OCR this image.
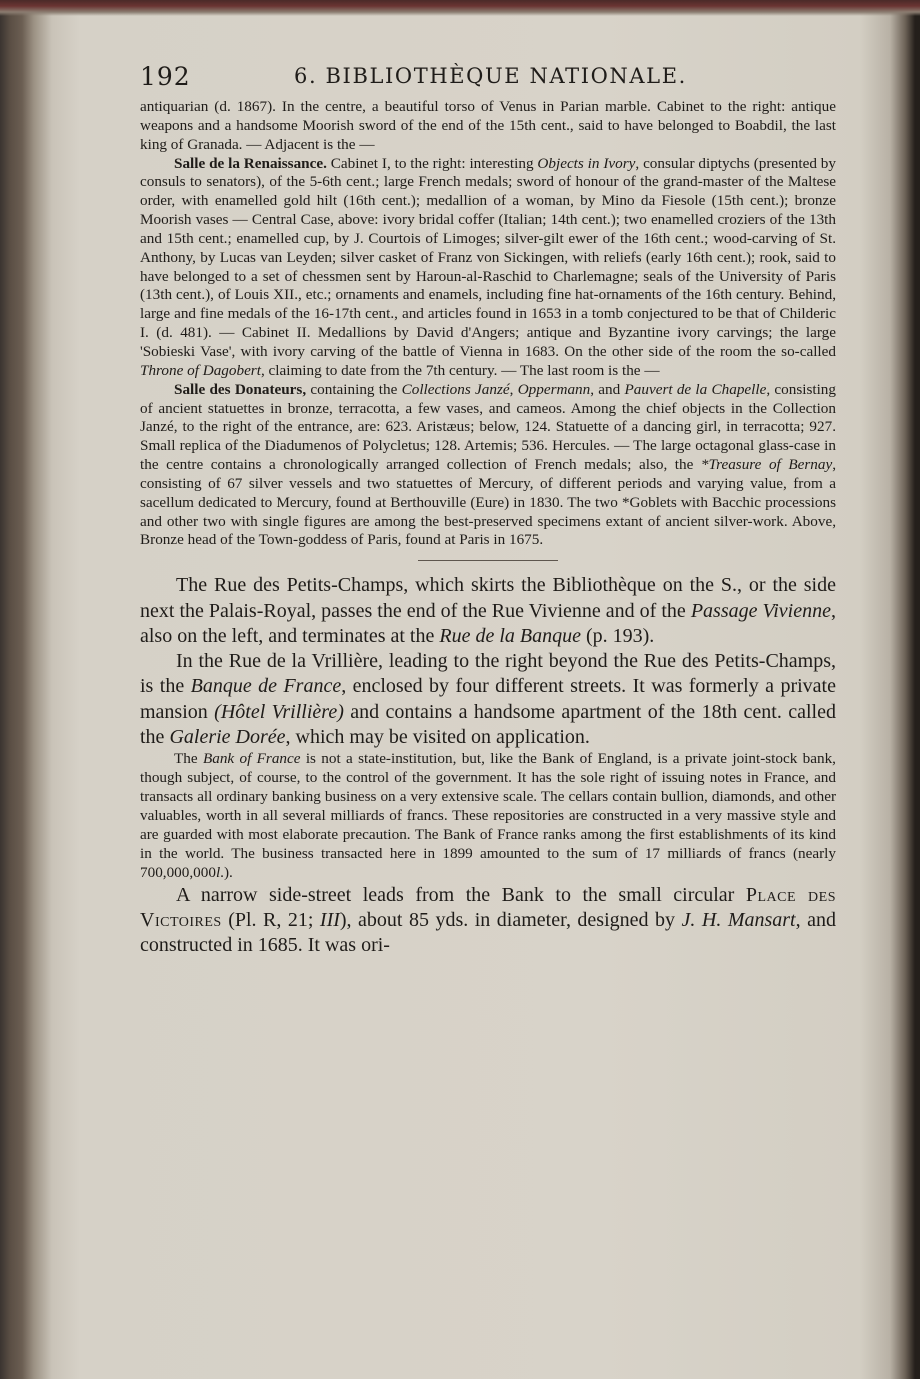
192	6. BIBLIOTHÈQUE NATIONALE.

antiquarian (d. 1867). In the centre, a beautiful torso of Venus in Parian marble. Cabinet to the right: antique weapons and a handsome Moorish sword of the end of the 15th cent., said to have belonged to Boabdil, the last king of Granada. — Adjacent is the —

Salle de la Renaissance. Cabinet I, to the right: interesting Objects in Ivory, consular diptychs (presented by consuls to senators), of the 5-6th cent.; large French medals; sword of honour of the grand-master of the Maltese order, with enamelled gold hilt (16th cent.); medallion of a woman, by Mino da Fiesole (15th cent.); bronze Moorish vases — Central Case, above: ivory bridal coffer (Italian; 14th cent.); two enamelled croziers of the 13th and 15th cent.; enamelled cup, by J. Courtois of Limoges; silver-gilt ewer of the 16th cent.; wood-carving of St. Anthony, by Lucas van Leyden; silver casket of Franz von Sickingen, with reliefs (early 16th cent.); rook, said to have belonged to a set of chessmen sent by Haroun-al-Raschid to Charlemagne; seals of the University of Paris (13th cent.), of Louis XII., etc.; ornaments and enamels, including fine hat-ornaments of the 16th century. Behind, large and fine medals of the 16-17th cent., and articles found in 1653 in a tomb conjectured to be that of Childeric I. (d. 481). — Cabinet II. Medallions by David d'Angers; antique and Byzantine ivory carvings; the large 'Sobieski Vase', with ivory carving of the battle of Vienna in 1683. On the other side of the room the so-called Throne of Dagobert, claiming to date from the 7th century. — The last room is the —

Salle des Donateurs, containing the Collections Janzé, Oppermann, and Pauvert de la Chapelle, consisting of ancient statuettes in bronze, terracotta, a few vases, and cameos. Among the chief objects in the Collection Janzé, to the right of the entrance, are: 623. Aristæus; below, 124. Statuette of a dancing girl, in terracotta; 927. Small replica of the Diadumenos of Polycletus; 128. Artemis; 536. Hercules. — The large octagonal glass-case in the centre contains a chronologically arranged collection of French medals; also, the *Treasure of Bernay, consisting of 67 silver vessels and two statuettes of Mercury, of different periods and varying value, from a sacellum dedicated to Mercury, found at Berthouville (Eure) in 1830. The two *Goblets with Bacchic processions and other two with single figures are among the best-preserved specimens extant of ancient silver-work. Above, Bronze head of the Town-goddess of Paris, found at Paris in 1675.

The Rue des Petits-Champs, which skirts the Bibliothèque on the S., or the side next the Palais-Royal, passes the end of the Rue Vivienne and of the Passage Vivienne, also on the left, and terminates at the Rue de la Banque (p. 193).

In the Rue de la Vrillière, leading to the right beyond the Rue des Petits-Champs, is the Banque de France, enclosed by four different streets. It was formerly a private mansion (Hôtel Vrillière) and contains a handsome apartment of the 18th cent. called the Galerie Dorée, which may be visited on application.

The Bank of France is not a state-institution, but, like the Bank of England, is a private joint-stock bank, though subject, of course, to the control of the government. It has the sole right of issuing notes in France, and transacts all ordinary banking business on a very extensive scale. The cellars contain bullion, diamonds, and other valuables, worth in all several milliards of francs. These repositories are constructed in a very massive style and are guarded with most elaborate precaution. The Bank of France ranks among the first establishments of its kind in the world. The business transacted here in 1899 amounted to the sum of 17 milliards of francs (nearly 700,000,000l.).

A narrow side-street leads from the Bank to the small circular Place des Victoires (Pl. R, 21; III), about 85 yds. in diameter, designed by J. H. Mansart, and constructed in 1685. It was ori-
